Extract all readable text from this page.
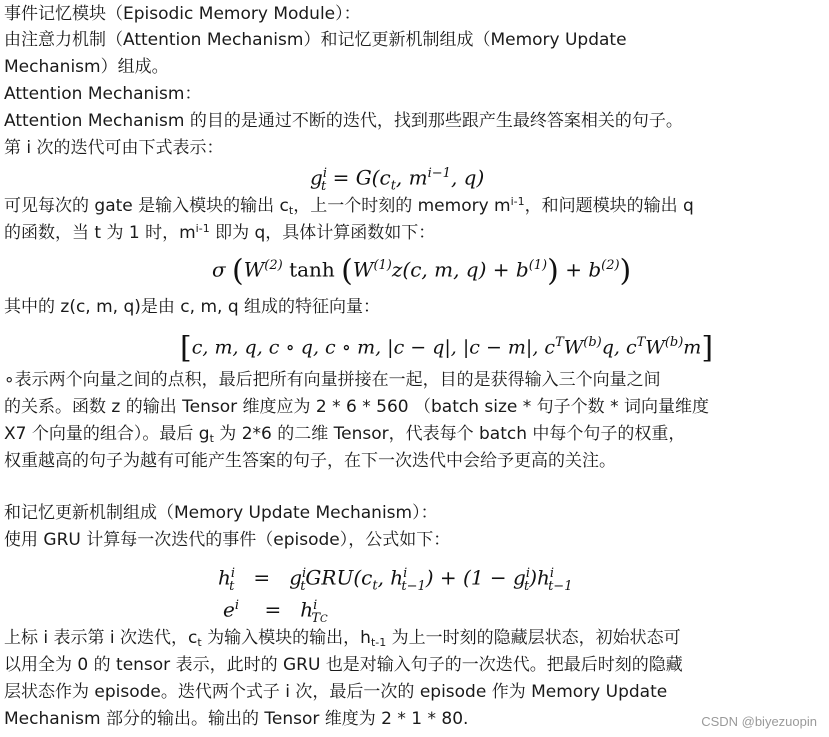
事件记忆模块（Episodic Memory Module）：
由注意力机制（Attention Mechanism）和记忆更新机制组成（Memory Update
Mechanism）组成。
Attention Mechanism：
Attention Mechanism 的目的是通过不断的迭代，找到那些跟产生最终答案相关的句子。
第 i 次的迭代可由下式表示：
$g^i_t = G(c_t$, $m^{i-1}$, q)
可见每次的 gate 是输入模块的输出 ct，上一个时刻的 memory $m^{i-1}$，和问题模块的输出 q
的函数，当 t 为 1 时，$m^{i-1}$ 即为 q，具体计算函数如下：
σ ($W^{(2)}$ $\tanh (W^{(1)}z(c$, m, $q) + b^{(1)}) + b^{(2)}$)
其中的 z(c, m, q)是由 c, m, q 组成的特征向量：
[c, m, q, c ∘ q, c ∘ m, |c − q|, |c − m|, $c^TW^{(b)}q$, $c^TW^{(b)}m$]
∘表示两个向量之间的点积，最后把所有向量拼接在一起，目的是获得输入三个向量之间
的关系。函数 z 的输出 Tensor 维度应为 2 * 6 * 560 （batch size * 句子个数 * 词向量维度
X7 个向量的组合）。最后 gt 为 2*6 的二维 Tensor，代表每个 batch 中每个句子的权重，
权重越高的句子为越有可能产生答案的句子，在下一次迭代中会给予更高的关注。
和记忆更新机制组成（Memory Update Mechanism）：
使用 GRU 计算每一次迭代的事件（episode），公式如下：
$h^i_t = g^i_tGRU(c_t$, $h^i_{t-1}) + (1 - g^i_t)h^i_{t-1}$
$e^i = h^i_{TC}$
上标 i 表示第 i 次迭代，ct 为输入模块的输出，ht-1 为上一时刻的隐藏层状态，初始状态可
以用全为 0 的 tensor 表示，此时的 GRU 也是对输入句子的一次迭代。把最后时刻的隐藏
层状态作为 episode。迭代两个式子 i 次，最后一次的 episode 作为 Memory Update
Mechanism 部分的输出。输出的 Tensor 维度为 2 * 1 * 80.	CSDN @biyezuopin
